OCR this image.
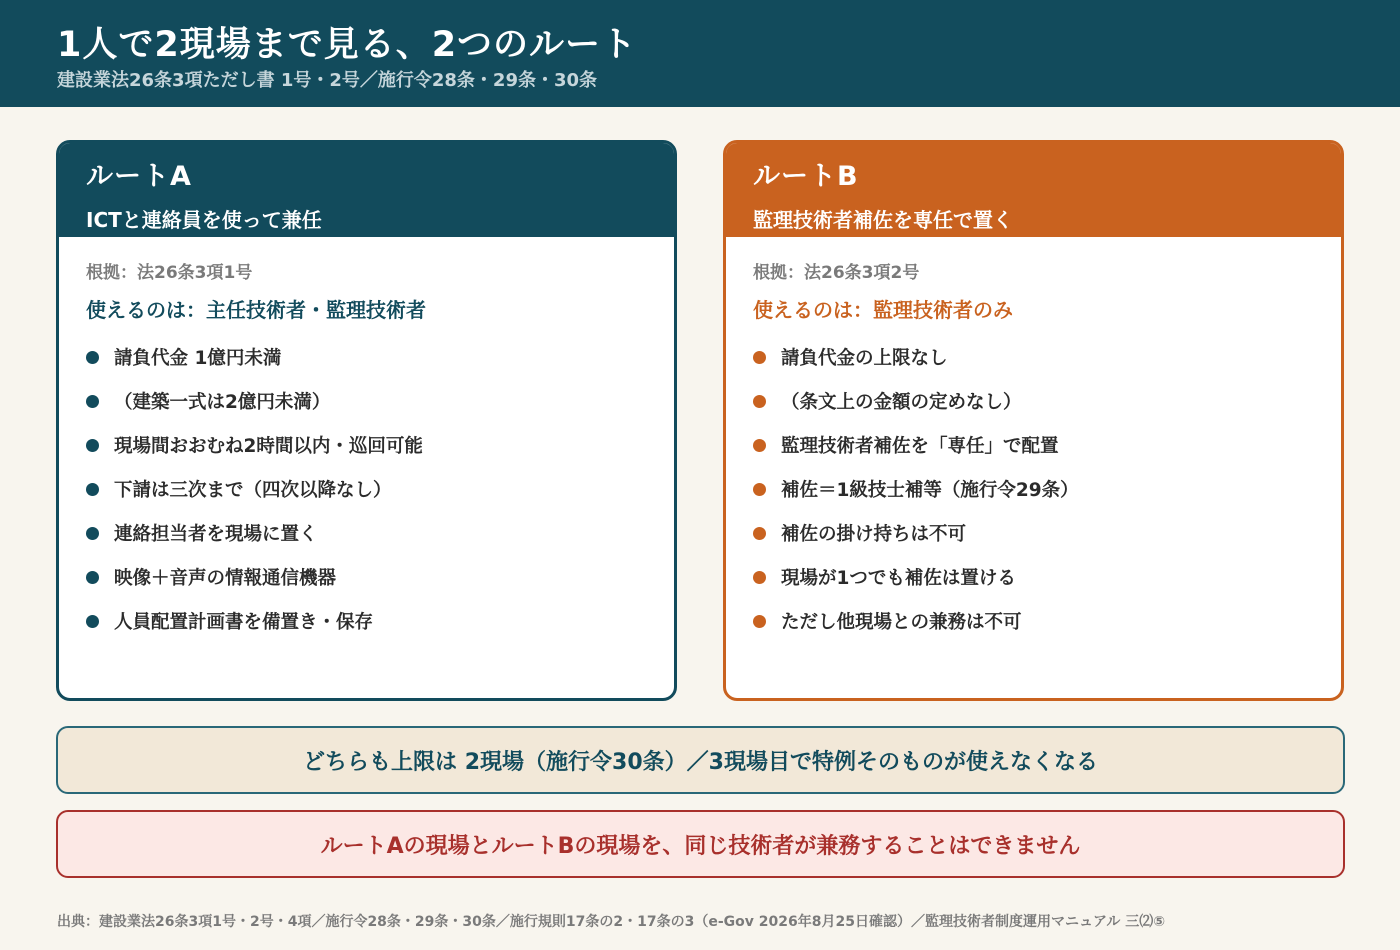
1人で2現場まで見る、2つのルート
建設業法26条3項ただし書 1号・2号／施行令28条・29条・30条
ルートA
ICTと連絡員を使って兼任
根拠：法26条3項1号
使えるのは：主任技術者・監理技術者
請負代金 1億円未満
（建築一式は2億円未満）
現場間おおむね2時間以内・巡回可能
下請は三次まで（四次以降なし）
連絡担当者を現場に置く
映像＋音声の情報通信機器
人員配置計画書を備置き・保存
ルートB
監理技術者補佐を専任で置く
根拠：法26条3項2号
使えるのは：監理技術者のみ
請負代金の上限なし
（条文上の金額の定めなし）
監理技術者補佐を「専任」で配置
補佐＝1級技士補等（施行令29条）
補佐の掛け持ちは不可
現場が1つでも補佐は置ける
ただし他現場との兼務は不可
どちらも上限は 2現場（施行令30条）／3現場目で特例そのものが使えなくなる
ルートAの現場とルートBの現場を、同じ技術者が兼務することはできません
出典：建設業法26条3項1号・2号・4項／施行令28条・29条・30条／施行規則17条の2・17条の3（e-Gov 2026年8月25日確認）／監理技術者制度運用マニュアル 三⑵⑤
